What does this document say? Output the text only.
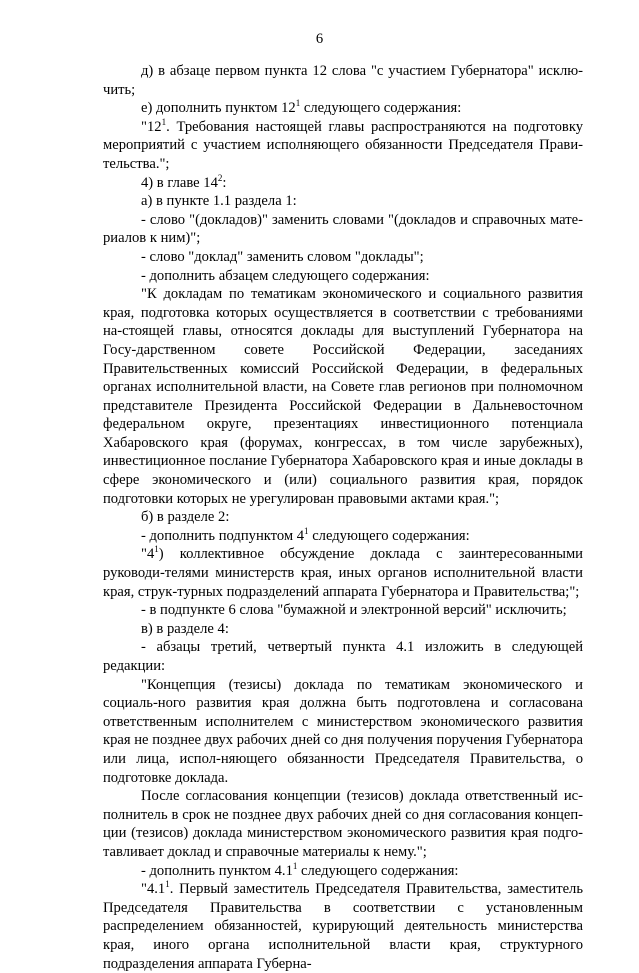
6

д) в абзаце первом пункта 12 слова "с участием Губернатора" исклю-чить;

е) дополнить пунктом $12^1$ следующего содержания:

"$12^1$. Требования настоящей главы распространяются на подготовку мероприятий с участием исполняющего обязанности Председателя Прави-тельства.";

4) в главе $14^2$:

а) в пункте 1.1 раздела 1:

- слово "(докладов)" заменить словами "(докладов и справочных мате-риалов к ним)";

- слово "доклад" заменить словом "доклады";

- дополнить абзацем следующего содержания:

"К докладам по тематикам экономического и социального развития края, подготовка которых осуществляется в соответствии с требованиями на-стоящей главы, относятся доклады для выступлений Губернатора на Госу-дарственном совете Российской Федерации, заседаниях Правительственных комиссий Российской Федерации, в федеральных органах исполнительной власти, на Совете глав регионов при полномочном представителе Президента Российской Федерации в Дальневосточном федеральном округе, презентациях инвестиционного потенциала Хабаровского края (форумах, конгрессах, в том числе зарубежных), инвестиционное послание Губернатора Хабаровского края и иные доклады в сфере экономического и (или) социального развития края, порядок подготовки которых не урегулирован правовыми актами края.";

б) в разделе 2:

- дополнить подпунктом $4^1$ следующего содержания:

"$4^1$) коллективное обсуждение доклада с заинтересованными руководи-телями министерств края, иных органов исполнительной власти края, струк-турных подразделений аппарата Губернатора и Правительства;";

- в подпункте 6 слова "бумажной и электронной версий" исключить;

в) в разделе 4:

- абзацы третий, четвертый пункта 4.1 изложить в следующей редакции:

"Концепция (тезисы) доклада по тематикам экономического и социаль-ного развития края должна быть подготовлена и согласована ответственным исполнителем с министерством экономического развития края не позднее двух рабочих дней со дня получения поручения Губернатора или лица, испол-няющего обязанности Председателя Правительства, о подготовке доклада.

После согласования концепции (тезисов) доклада ответственный ис-полнитель в срок не позднее двух рабочих дней со дня согласования концеп-ции (тезисов) доклада министерством экономического развития края подго-тавливает доклад и справочные материалы к нему.";

- дополнить пунктом $4.1^1$ следующего содержания:

"$4.1^1$. Первый заместитель Председателя Правительства, заместитель Председателя Правительства в соответствии с установленным распределением обязанностей, курирующий деятельность министерства края, иного органа исполнительной власти края, структурного подразделения аппарата Губерна-
